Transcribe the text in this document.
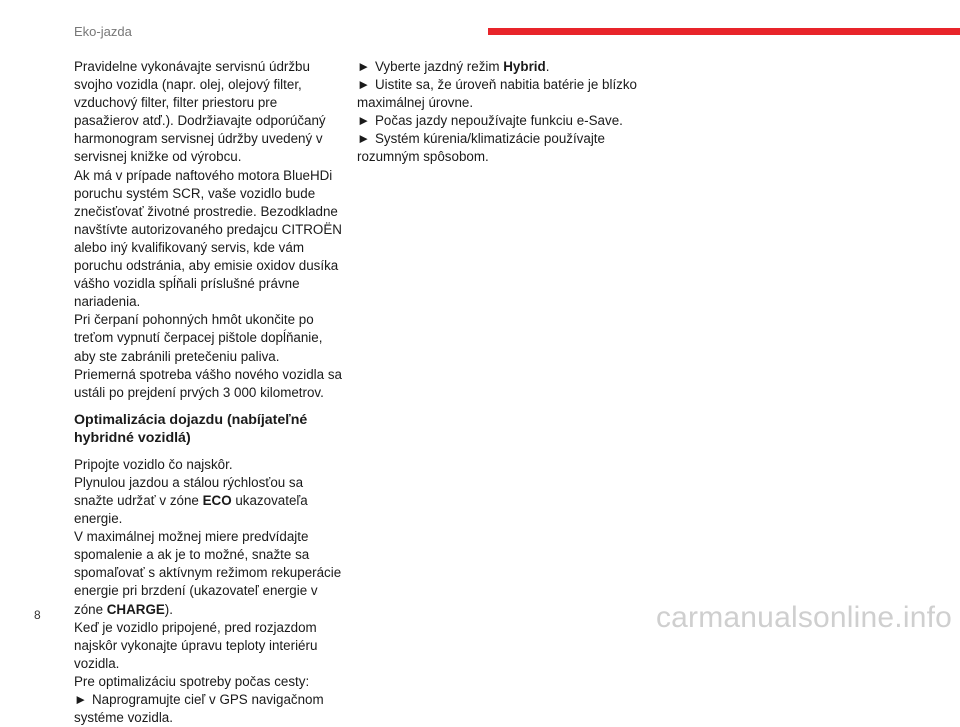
Eko-jazda

Pravidelne vykonávajte servisnú údržbu svojho vozidla (napr. olej, olejový filter, vzduchový filter, filter priestoru pre pasažierov atď.). Dodržiavajte odporúčaný harmonogram servisnej údržby uvedený v servisnej knižke od výrobcu.

Ak má v prípade naftového motora BlueHDi poruchu systém SCR, vaše vozidlo bude znečisťovať životné prostredie. Bezodkladne navštívte autorizovaného predajcu CITROËN alebo iný kvalifikovaný servis, kde vám poruchu odstránia, aby emisie oxidov dusíka vášho vozidla spĺňali príslušné právne nariadenia.

Pri čerpaní pohonných hmôt ukončite po treťom vypnutí čerpacej pištole dopĺňanie, aby ste zabránili pretečeniu paliva.

Priemerná spotreba vášho nového vozidla sa ustáli po prejdení prvých 3 000 kilometrov.

Optimalizácia dojazdu (nabíjateľné hybridné vozidlá)

Pripojte vozidlo čo najskôr.

Plynulou jazdou a stálou rýchlosťou sa snažte udržať v zóne ECO ukazovateľa energie.

V maximálnej možnej miere predvídajte spomalenie a ak je to možné, snažte sa spomaľovať s aktívnym režimom rekuperácie energie pri brzdení (ukazovateľ energie v zóne CHARGE).

Keď je vozidlo pripojené, pred rozjazdom najskôr vykonajte úpravu teploty interiéru vozidla.

Pre optimalizáciu spotreby počas cesty:

► Naprogramujte cieľ v GPS navigačnom systéme vozidla.

► Vyberte jazdný režim Hybrid.

► Uistite sa, že úroveň nabitia batérie je blízko maximálnej úrovne.

► Počas jazdy nepoužívajte funkciu e-Save.

► Systém kúrenia/klimatizácie používajte rozumným spôsobom.

8	carmanualsonline.info
